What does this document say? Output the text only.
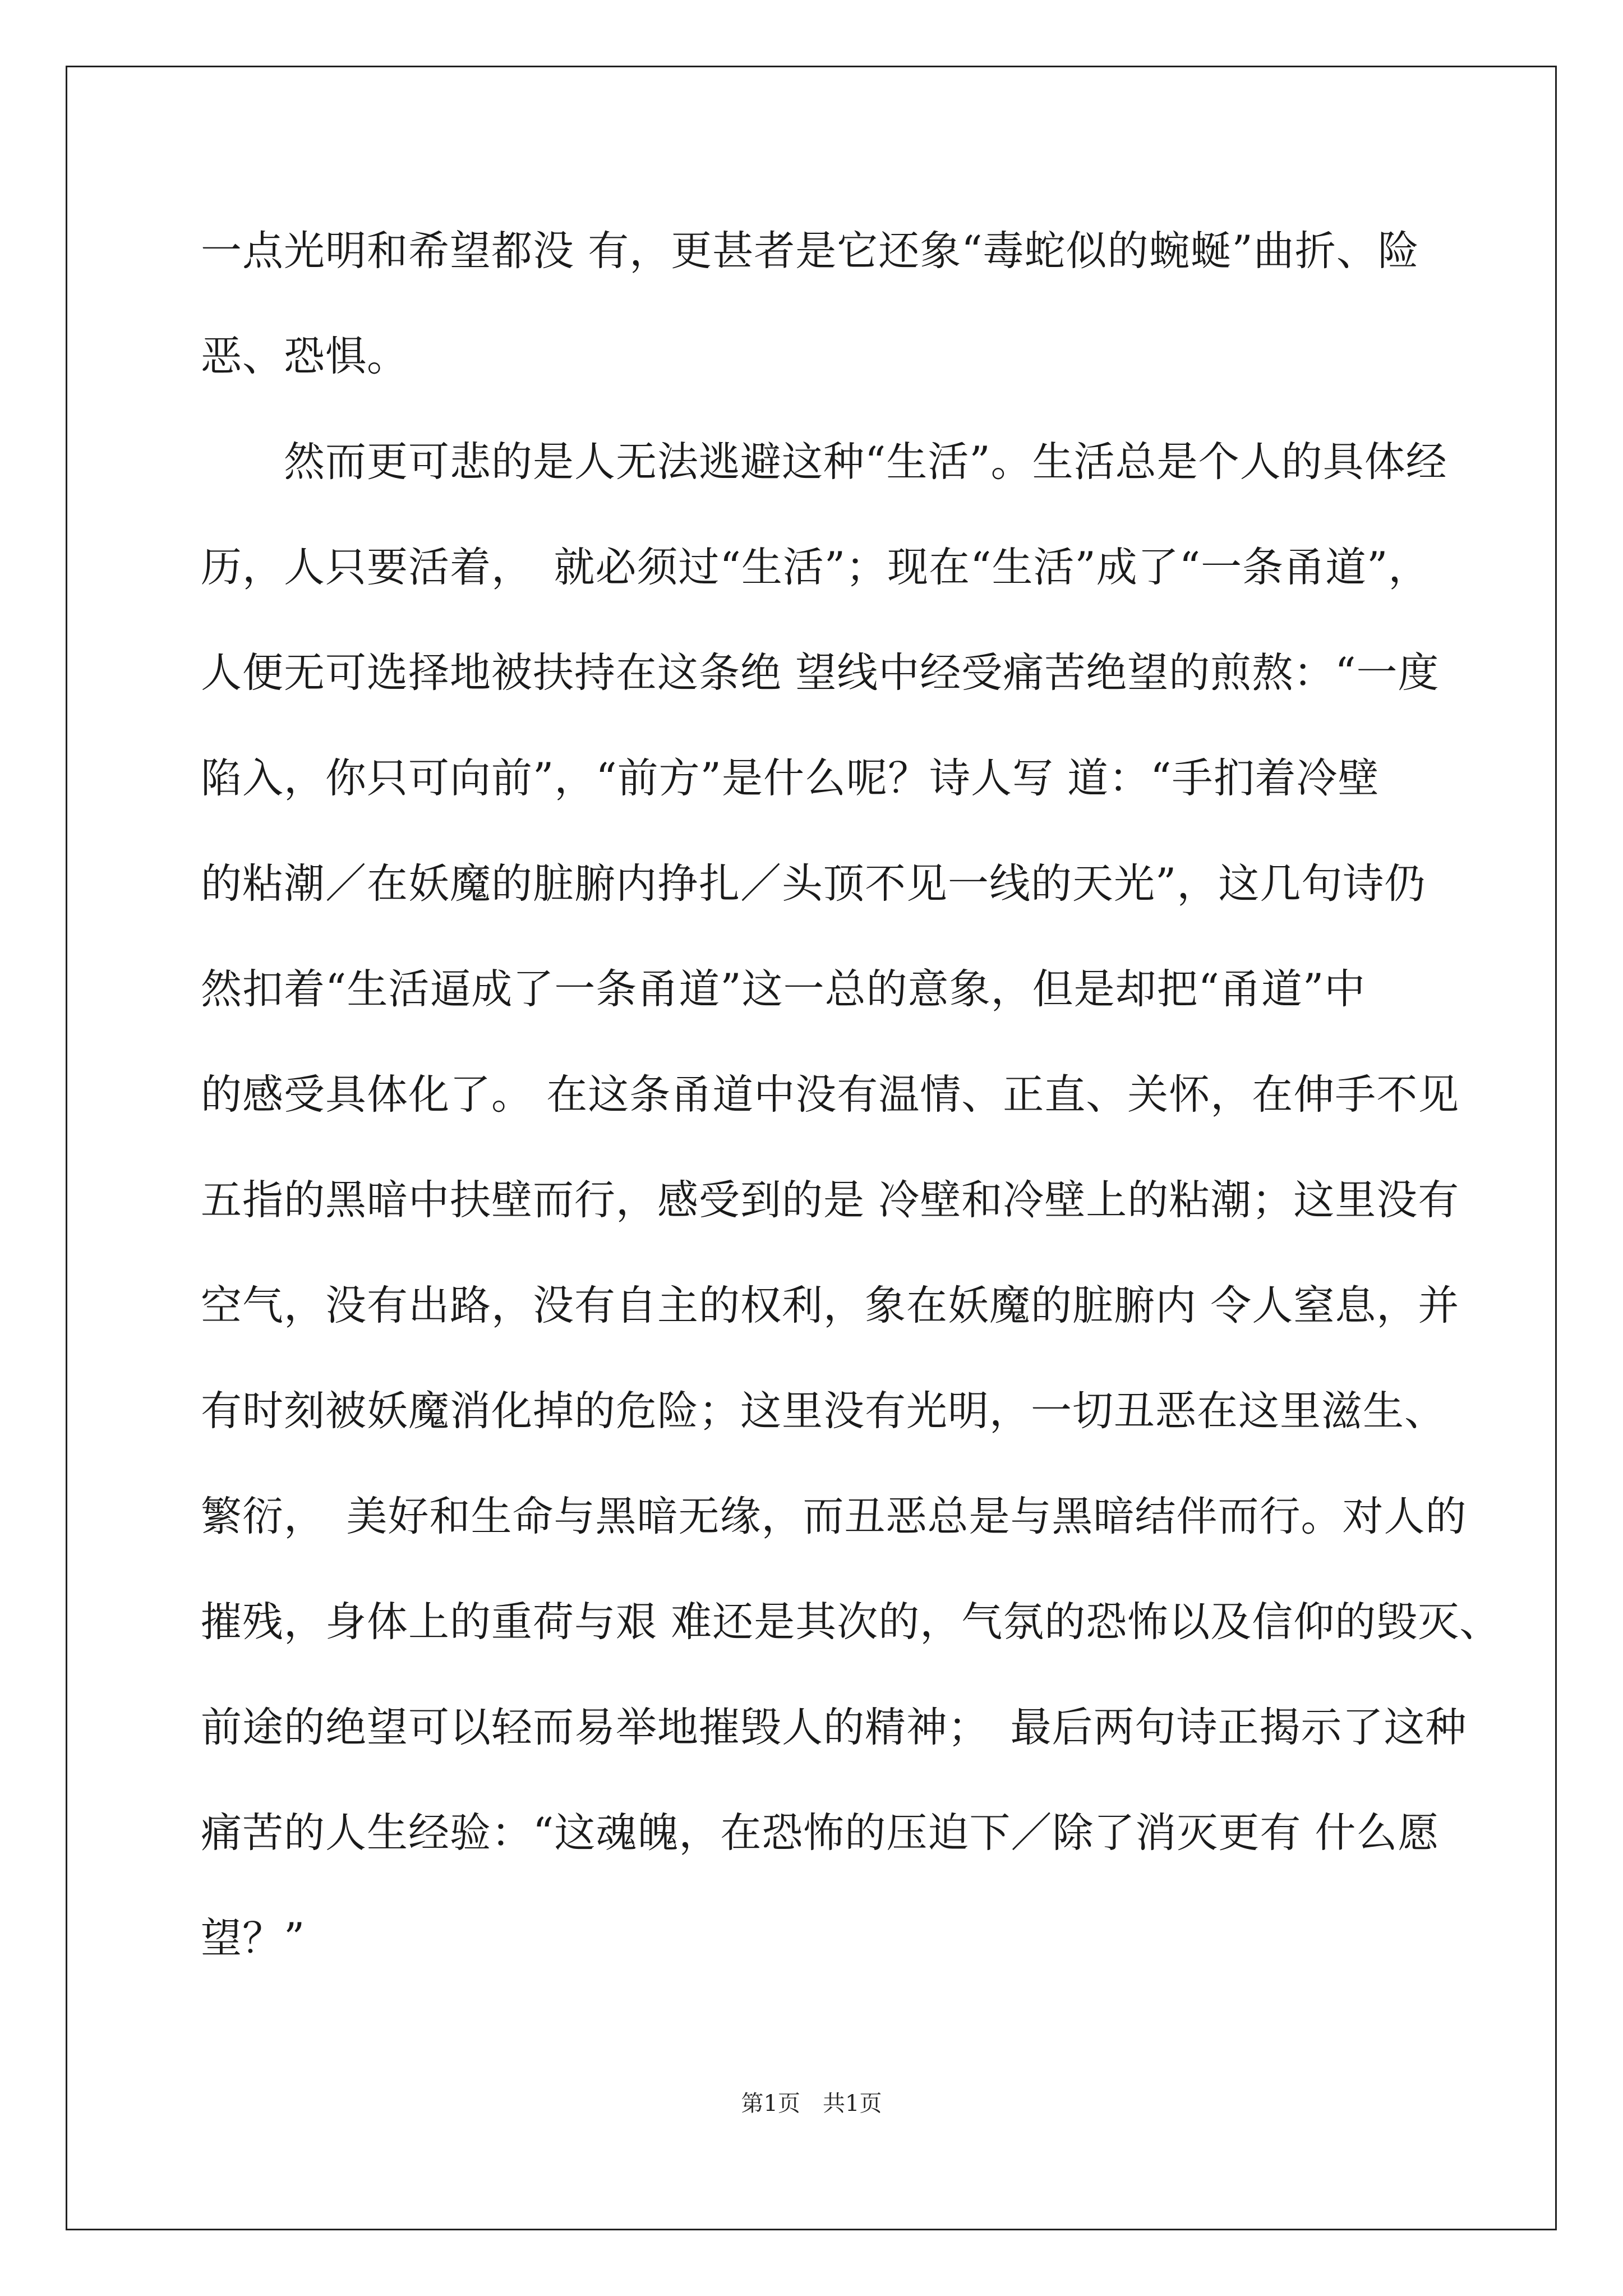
一点光明和希望都没 有，更甚者是它还象“毒蛇似的蜿蜒”曲折、险
恶、恐惧。
　　然而更可悲的是人无法逃避这种“生活”。生活总是个人的具体经
历，人只要活着，　就必须过“生活”；现在“生活”成了“一条甬道”，
人便无可选择地被扶持在这条绝 望线中经受痛苦绝望的煎熬：“一度
陷入，你只可向前”，“前方”是什么呢？诗人写 道：“手扪着冷壁
的粘潮／在妖魔的脏腑内挣扎／头顶不见一线的天光”，这几句诗仍
然扣着“生活逼成了一条甬道”这一总的意象，但是却把“甬道”中
的感受具体化了。 在这条甬道中没有温情、正直、关怀，在伸手不见
五指的黑暗中扶壁而行，感受到的是 冷壁和冷壁上的粘潮；这里没有
空气，没有出路，没有自主的权利，象在妖魔的脏腑内 令人窒息，并
有时刻被妖魔消化掉的危险；这里没有光明，一切丑恶在这里滋生、
繁衍，　美好和生命与黑暗无缘，而丑恶总是与黑暗结伴而行。对人的
摧残，身体上的重荷与艰 难还是其次的，气氛的恐怖以及信仰的毁灭、
前途的绝望可以轻而易举地摧毁人的精神；　最后两句诗正揭示了这种
痛苦的人生经验：“这魂魄，在恐怖的压迫下／除了消灭更有 什么愿
望？”
第1页　共1页
